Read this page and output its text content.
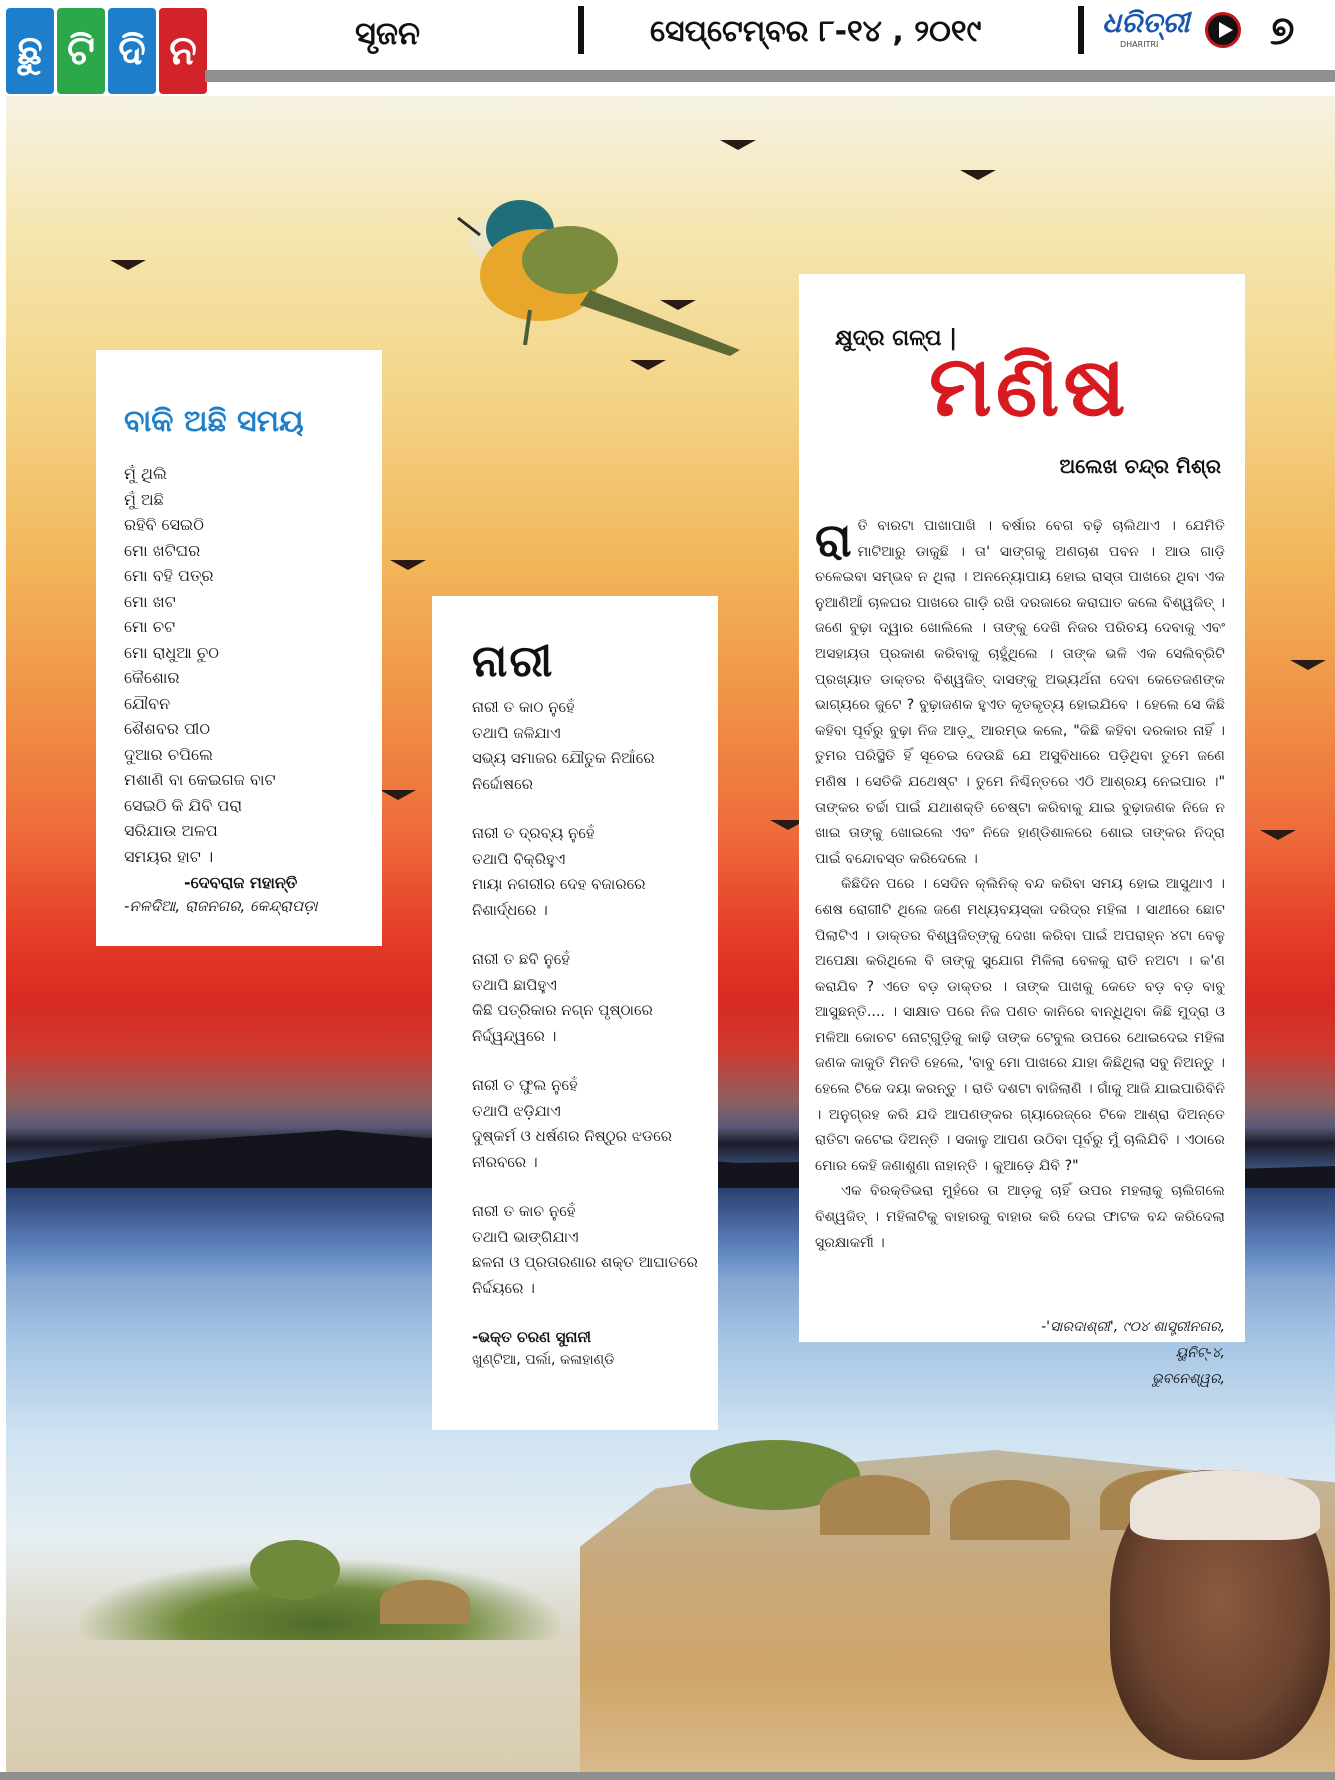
ଛୁ ଟି ଦି ନ	ସୃଜନ	ସେପ୍ଟେମ୍ବର ୮-୧୪ , ୨୦୧୯	ଧରିତ୍ରୀ
DHARITRI	୭
ବାକି ଅଛି ସମୟ
ମୁଁ ଥିଲି
ମୁଁ ଅଛି
ରହିବି ସେଇଠି
ମୋ ଖଟିଘର
ମୋ ବହି ପତ୍ର
ମୋ ଖଟ
ମୋ ଚଟ
ମୋ ରାଧୁଆ ଚୁଠ
କୈଶୋର
ଯୌବନ
ଶୈଶବର ପୀଠ
ଦୁଆର ଚପିଲେ
ମଶାଣି ବା କେଇଗଜ ବାଟ
ସେଇଠି କି ଯିବି ପରା
ସରିଯାଉ ଅଳପ
ସମୟର ହାଟ ।
-ଦେବରାଜ ମହାନ୍ତି
-ନଳଦିଆ, ରାଜନଗର, କେନ୍ଦ୍ରାପଡ଼ା
ନାରୀ
ନାରୀ ତ କାଠ ନୁହେଁ
ତଥାପି ଜଳିଯାଏ
ସଭ୍ୟ ସମାଜର ଯୌତୁକ ନିଆଁରେ
ନିର୍ଦ୍ଦୋଷରେ
ନାରୀ ତ ଦ୍ରବ୍ୟ ନୁହେଁ
ତଥାପି ବିକ୍ରିହୁଏ
ମାୟା ନଗରୀର ଦେହ ବଜାରରେ
ନିଶାର୍ଦ୍ଧରେ ।
ନାରୀ ତ ଛବି ନୁହେଁ
ତଥାପି ଛାପିହୁଏ
କିଛି ପତ୍ରିକାର ନଗ୍ନ ପୃଷ୍ଠାରେ
ନିର୍ଦ୍ଦ୍ୱନ୍ଦ୍ୱରେ ।
ନାରୀ ତ ଫୁଲ ନୁହେଁ
ତଥାପି ଝଡ଼ିଯାଏ
ଦୁଷ୍କର୍ମ ଓ ଧର୍ଷଣର ନିଷ୍ଠୁର ଝଡରେ
ନୀରବରେ ।
ନାରୀ ତ କାଚ ନୁହେଁ
ତଥାପି ଭାଙ୍ଗିଯାଏ
ଛଳନା ଓ ପ୍ରତାରଣାର ଶକ୍ତ ଆଘାତରେ
ନିର୍ଦ୍ଦୟରେ ।
-ଭକ୍ତ ଚରଣ ସୁନାନୀ
ଖୁଣ୍ଟିଆ, ପର୍ଲା, କଳାହାଣ୍ଡି
କ୍ଷୁଦ୍ର ଗଳ୍ପ |
ମଣିଷ
ଅଲେଖ ଚନ୍ଦ୍ର ମିଶ୍ର

ରାତି ବାରଟା ପାଖାପାଖି । ବର୍ଷାର ବେଗ ବଢ଼ି ଚାଲିଥାଏ । ଯେମିତି ମାଟିଆରୁ ଡାକୁଛି । ତା' ସାଙ୍ଗକୁ ଅଣଚାଶ ପବନ । ଆଉ ଗାଡ଼ି ଚଳେଇବା ସମ୍ଭବ ନ ଥିଲା । ଅନନ୍ୟୋପାୟ ହୋଇ ରାସ୍ତା ପାଖରେ ଥିବା ଏକ ନୁଆଣିଆଁ ଚାଳଘର ପାଖରେ ଗାଡ଼ି ରଖି ଦରଜାରେ କରାଘାତ କଲେ ବିଶ୍ୱଜିତ୍ । ଜଣେ ବୁଢ଼ା ଦ୍ୱାର ଖୋଲିଲେ । ତାଙ୍କୁ ଦେଖି ନିଜର ପରିଚୟ ଦେବାକୁ ଏବଂ ଅସହାୟତା ପ୍ରକାଶ କରିବାକୁ ଚାହୁଁଥିଲେ । ତାଙ୍କ ଭଳି ଏକ ସେଲିବ୍ରିଟି ପ୍ରଖ୍ୟାତ ଡାକ୍ତର ବିଶ୍ୱଜିତ୍ ଦାସଙ୍କୁ ଅଭ୍ୟର୍ଥନା ଦେବା କେତେଜଣଙ୍କ ଭାଗ୍ୟରେ ଜୁଟେ ? ବୁଢ଼ାଜଣକ ହୁଏତ କୃତକୃତ୍ୟ ହୋଇଯିବେ । ହେଲେ ସେ କିଛି କହିବା ପୂର୍ବରୁ ବୁଢ଼ା ନିଜ ଆଡ଼ୁ ଆରମ୍ଭ କଲେ, "କିଛି କହିବା ଦରକାର ନାହିଁ । ତୁମର ପରିସ୍ଥିତି ହିଁ ସୂଚେଇ ଦେଉଛି ଯେ ଅସୁବିଧାରେ ପଡ଼ିଥିବା ତୁମେ ଜଣେ ମଣିଷ । ସେତିକି ଯଥେଷ୍ଟ । ତୁମେ ନିଶ୍ଚିନ୍ତରେ ଏଠି ଆଶ୍ରୟ ନେଇପାର ।" ତାଙ୍କର ଚର୍ଚ୍ଚା ପାଇଁ ଯଥାଶକ୍ତି ଚେଷ୍ଟା କରିବାକୁ ଯାଇ ବୁଢ଼ାଜଣକ ନିଜେ ନ ଖାଇ ତାଙ୍କୁ ଖୋଇଲେ ଏବଂ ନିଜେ ହାଣ୍ଡିଶାଳରେ ଶୋଇ ତାଙ୍କର ନିଦ୍ରା ପାଇଁ ବନ୍ଦୋବସ୍ତ କରିଦେଲେ ।

କିଛିଦିନ ପରେ । ସେଦିନ କ୍ଲିନିକ୍ ବନ୍ଦ କରିବା ସମୟ ହୋଇ ଆସୁଥାଏ । ଶେଷ ରୋଗୀଟି ଥିଲେ ଜଣେ ମଧ୍ୟବୟସ୍କା ଦରିଦ୍ର ମହିଳା । ସାଥୀରେ ଛୋଟ ପିଲାଟିଏ । ଡାକ୍ତର ବିଶ୍ୱଜିତ୍ଙ୍କୁ ଦେଖା କରିବା ପାଇଁ ଅପରାହ୍ନ ୪ଟା ବେଳୁ ଅପେକ୍ଷା କରିଥିଲେ ବି ତାଙ୍କୁ ସୁଯୋଗ ମିଳିଲା ବେଳକୁ ରାତି ନଅଟା । କ'ଣ କରାଯିବ ? ଏତେ ବଡ଼ ଡାକ୍ତର । ତାଙ୍କ ପାଖକୁ କେତେ ବଡ଼ ବଡ଼ ବାବୁ ଆସୁଛନ୍ତି.... । ସାକ୍ଷାତ ପରେ ନିଜ ପଣତ କାନିରେ ବାନ୍ଧିଥିବା କିଛି ମୁଦ୍ରା ଓ ମଳିଆ କୋଚଟ ନୋଟ୍ଗୁଡ଼ିକୁ କାଢ଼ି ତାଙ୍କ ଟେବୁଲ ଉପରେ ଥୋଇଦେଇ ମହିଳା ଜଣକ କାକୁତି ମିନତି ହେଲେ, 'ବାବୁ ମୋ ପାଖରେ ଯାହା କିଛିଥିଲା ସବୁ ନିଅନ୍ତୁ । ହେଲେ ଟିକେ ଦୟା କରନ୍ତୁ । ରାତି ଦଶଟା ବାଜିଲାଣି । ଗାଁକୁ ଆଜି ଯାଇପାରିବିନି । ଅନୁଗ୍ରହ କରି ଯଦି ଆପଣଙ୍କର ଗ୍ୟାରେଜ୍ରେ ଟିକେ ଆଶ୍ରା ଦିଅନ୍ତେ ରାତିଟା କଟେଇ ଦିଅନ୍ତି । ସକାଳୁ ଆପଣ ଉଠିବା ପୂର୍ବରୁ ମୁଁ ଚାଲିଯିବି । ଏଠାରେ ମୋର କେହି ଜଣାଶୁଣା ନାହାନ୍ତି । କୁଆଡ଼େ ଯିବି ?"

ଏକ ବିରକ୍ତିଭରା ମୁହଁରେ ତା ଆଡ଼କୁ ଚାହିଁ ଉପର ମହଲାକୁ ଚାଲିଗଲେ ବିଶ୍ୱଜିତ୍ । ମହିଳାଟିକୁ ବାହାରକୁ ବାହାର କରି ଦେଇ ଫାଟକ ବନ୍ଦ କରିଦେଲା ସୁରକ୍ଷାକର୍ମୀ ।

-'ସାରଦାଶ୍ରୀ', ୯୦୪ ଶାସ୍ତ୍ରୀନଗର,
ୟୁନିଟ୍-୪,
ଭୁବନେଶ୍ୱର,
